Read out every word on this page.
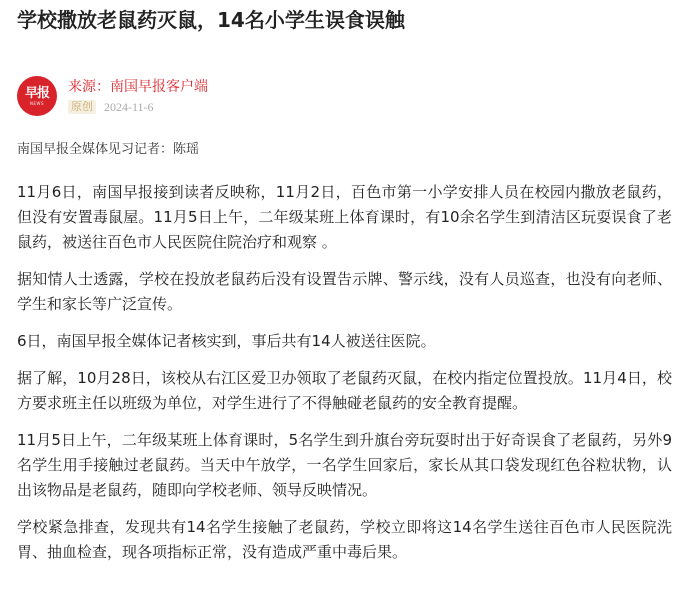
学校撒放老鼠药灭鼠，14名小学生误食误触
早报
NEWS
来源：南国早报客户端
原创 2024-11-6
南国早报全媒体见习记者：陈瑶

11月6日，南国早报接到读者反映称，11月2日，百色市第一小学安排人员在校园内撒放老鼠药，但没有安置毒鼠屋。11月5日上午，二年级某班上体育课时，有10余名学生到清洁区玩耍误食了老鼠药，被送往百色市人民医院住院治疗和观察 。

据知情人士透露，学校在投放老鼠药后没有设置告示牌、警示线，没有人员巡查，也没有向老师、学生和家长等广泛宣传。

6日，南国早报全媒体记者核实到，事后共有14人被送往医院。

据了解，10月28日，该校从右江区爱卫办领取了老鼠药灭鼠，在校内指定位置投放。11月4日，校方要求班主任以班级为单位，对学生进行了不得触碰老鼠药的安全教育提醒。

11月5日上午，二年级某班上体育课时，5名学生到升旗台旁玩耍时出于好奇误食了老鼠药，另外9名学生用手接触过老鼠药。当天中午放学，一名学生回家后，家长从其口袋发现红色谷粒状物，认出该物品是老鼠药，随即向学校老师、领导反映情况。

学校紧急排查，发现共有14名学生接触了老鼠药，学校立即将这14名学生送往百色市人民医院洗胃、抽血检查，现各项指标正常，没有造成严重中毒后果。
